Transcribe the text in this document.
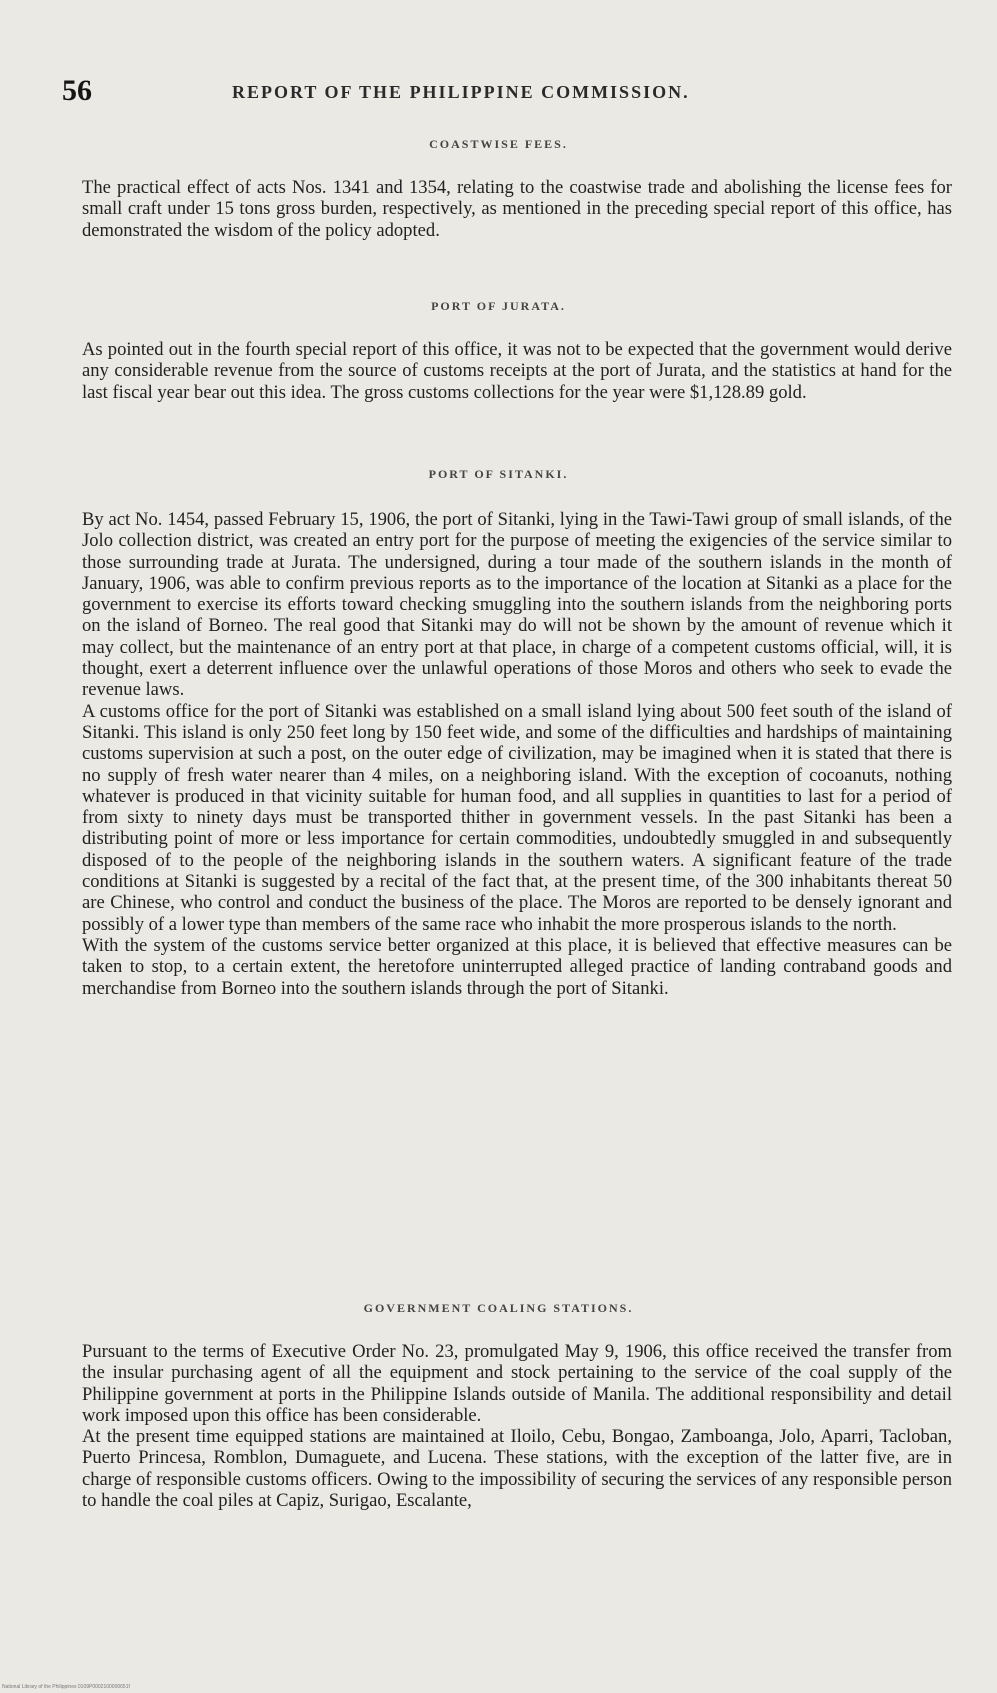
56	REPORT OF THE PHILIPPINE COMMISSION.
COASTWISE FEES.

The practical effect of acts Nos. 1341 and 1354, relating to the coastwise trade and abolishing the license fees for small craft under 15 tons gross burden, respectively, as mentioned in the preceding special report of this office, has demonstrated the wisdom of the policy adopted.

PORT OF JURATA.

As pointed out in the fourth special report of this office, it was not to be expected that the government would derive any considerable revenue from the source of customs receipts at the port of Jurata, and the statistics at hand for the last fiscal year bear out this idea. The gross customs collections for the year were $1,128.89 gold.

PORT OF SITANKI.

By act No. 1454, passed February 15, 1906, the port of Sitanki, lying in the Tawi-Tawi group of small islands, of the Jolo collection district, was created an entry port for the purpose of meeting the exigencies of the service similar to those surrounding trade at Jurata. The undersigned, during a tour made of the southern islands in the month of January, 1906, was able to confirm previous reports as to the importance of the location at Sitanki as a place for the government to exercise its efforts toward checking smuggling into the southern islands from the neighboring ports on the island of Borneo. The real good that Sitanki may do will not be shown by the amount of revenue which it may collect, but the maintenance of an entry port at that place, in charge of a competent customs official, will, it is thought, exert a deterrent influence over the unlawful operations of those Moros and others who seek to evade the revenue laws.

A customs office for the port of Sitanki was established on a small island lying about 500 feet south of the island of Sitanki. This island is only 250 feet long by 150 feet wide, and some of the difficulties and hardships of maintaining customs supervision at such a post, on the outer edge of civilization, may be imagined when it is stated that there is no supply of fresh water nearer than 4 miles, on a neighboring island. With the exception of cocoanuts, nothing whatever is produced in that vicinity suitable for human food, and all supplies in quantities to last for a period of from sixty to ninety days must be transported thither in government vessels. In the past Sitanki has been a distributing point of more or less importance for certain commodities, undoubtedly smuggled in and subsequently disposed of to the people of the neighboring islands in the southern waters. A significant feature of the trade conditions at Sitanki is suggested by a recital of the fact that, at the present time, of the 300 inhabitants thereat 50 are Chinese, who control and conduct the business of the place. The Moros are reported to be densely ignorant and possibly of a lower type than members of the same race who inhabit the more prosperous islands to the north.

With the system of the customs service better organized at this place, it is believed that effective measures can be taken to stop, to a certain extent, the heretofore uninterrupted alleged practice of landing contraband goods and merchandise from Borneo into the southern islands through the port of Sitanki.

GOVERNMENT COALING STATIONS.

Pursuant to the terms of Executive Order No. 23, promulgated May 9, 1906, this office received the transfer from the insular purchasing agent of all the equipment and stock pertaining to the service of the coal supply of the Philippine government at ports in the Philippine Islands outside of Manila. The additional responsibility and detail work imposed upon this office has been considerable.

At the present time equipped stations are maintained at Iloilo, Cebu, Bongao, Zamboanga, Jolo, Aparri, Tacloban, Puerto Princesa, Romblon, Dumaguete, and Lucena. These stations, with the exception of the latter five, are in charge of responsible customs officers. Owing to the impossibility of securing the services of any responsible person to handle the coal piles at Capiz, Surigao, Escalante,

National Library of the Philippines 0109P0002100000651f
